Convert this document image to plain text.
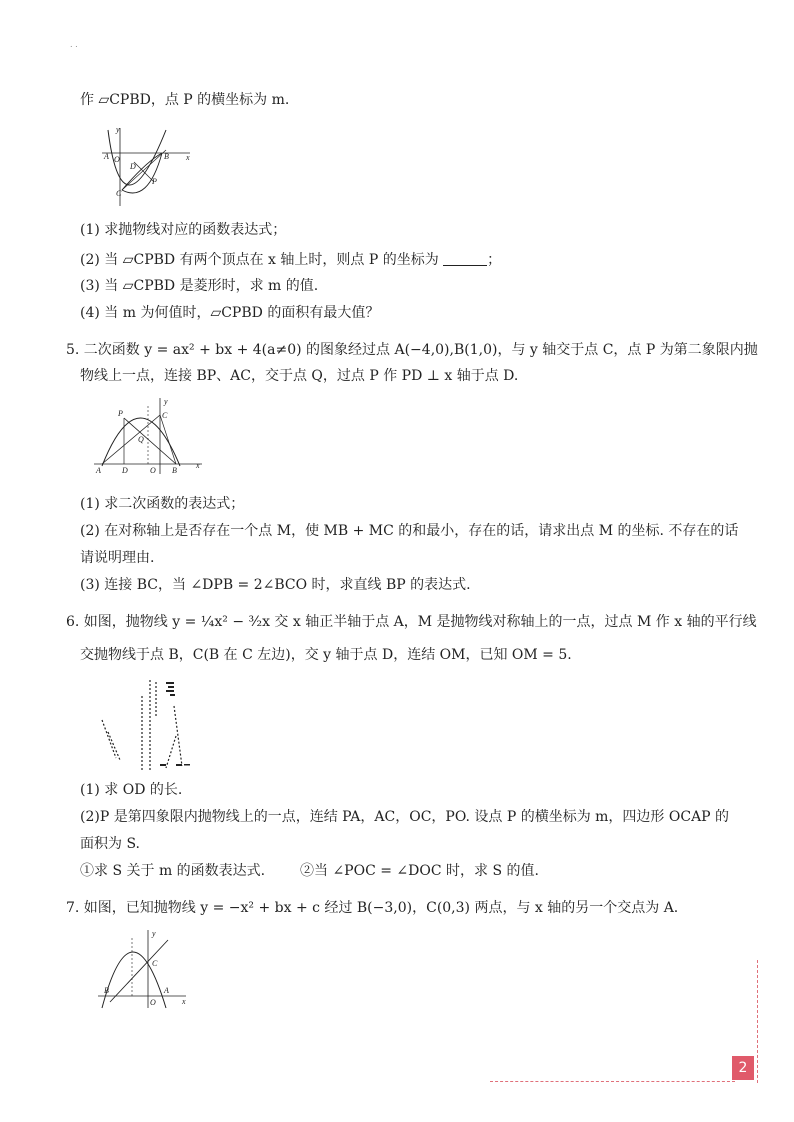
. .
作 ▱CPBD，点 P 的横坐标为 m.
y
x
A O	B
D
C
P
(1) 求抛物线对应的函数表达式；
(2) 当 ▱CPBD 有两个顶点在 x 轴上时，则点 P 的坐标为	；
(3) 当 ▱CPBD 是菱形时，求 m 的值.
(4) 当 m 为何值时，▱CPBD 的面积有最大值？
5. 二次函数 y = ax² + bx + 4(a≠0) 的图象经过点 A(−4,0),B(1,0)，与 y 轴交于点 C，点 P 为第二象限内抛
物线上一点，连接 BP、AC，交于点 Q，过点 P 作 PD ⊥ x 轴于点 D.
y
P	C
Q
A	D	O B
x
(1) 求二次函数的表达式；
(2) 在对称轴上是否存在一个点 M，使 MB + MC 的和最小，存在的话，请求出点 M 的坐标. 不存在的话
请说明理由.
(3) 连接 BC，当 ∠DPB = 2∠BCO 时，求直线 BP 的表达式.
6. 如图，抛物线 y = ¼x² − ³⁄₂x 交 x 轴正半轴于点 A，M 是抛物线对称轴上的一点，过点 M 作 x 轴的平行线
交抛物线于点 B，C(B 在 C 左边)，交 y 轴于点 D，连结 OM，已知 OM = 5.
(1) 求 OD 的长.
(2)P 是第四象限内抛物线上的一点，连结 PA，AC，OC，PO. 设点 P 的横坐标为 m，四边形 OCAP 的
面积为 S.
①求 S 关于 m 的函数表达式. ②当 ∠POC = ∠DOC 时，求 S 的值.
7. 如图，已知抛物线 y = −x² + bx + c 经过 B(−3,0)，C(0,3) 两点，与 x 轴的另一个交点为 A.
y
C
B
O
A
x
2
